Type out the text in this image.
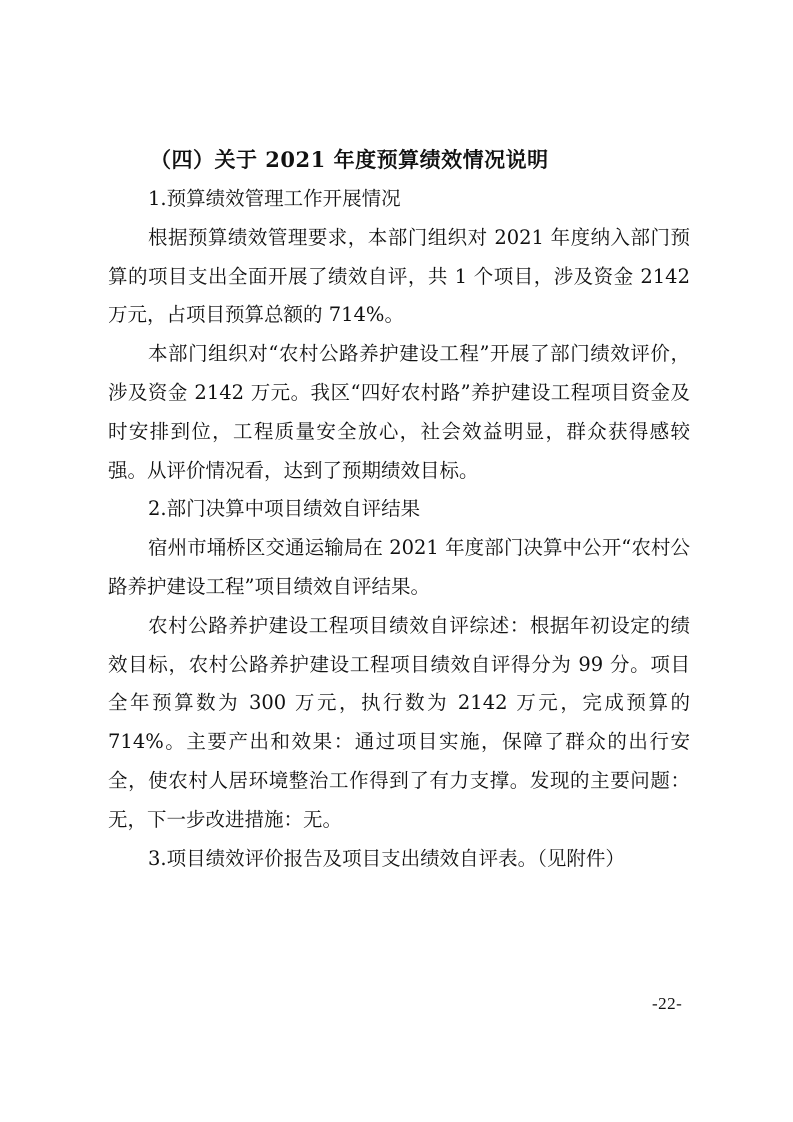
（四）关于 2021 年度预算绩效情况说明

1.预算绩效管理工作开展情况

根据预算绩效管理要求，本部门组织对 2021 年度纳入部门预算的项目支出全面开展了绩效自评，共 1 个项目，涉及资金 2142 万元，占项目预算总额的 714%。

本部门组织对“农村公路养护建设工程”开展了部门绩效评价，涉及资金 2142 万元。我区“四好农村路”养护建设工程项目资金及时安排到位，工程质量安全放心，社会效益明显，群众获得感较强。从评价情况看，达到了预期绩效目标。

2.部门决算中项目绩效自评结果

宿州市埇桥区交通运输局在 2021 年度部门决算中公开“农村公路养护建设工程”项目绩效自评结果。

农村公路养护建设工程项目绩效自评综述：根据年初设定的绩效目标，农村公路养护建设工程项目绩效自评得分为 99 分。项目全年预算数为 300 万元，执行数为 2142 万元，完成预算的 714%。主要产出和效果：通过项目实施，保障了群众的出行安全，使农村人居环境整治工作得到了有力支撑。发现的主要问题：无，下一步改进措施：无。

3.项目绩效评价报告及项目支出绩效自评表。（见附件）

-22-
